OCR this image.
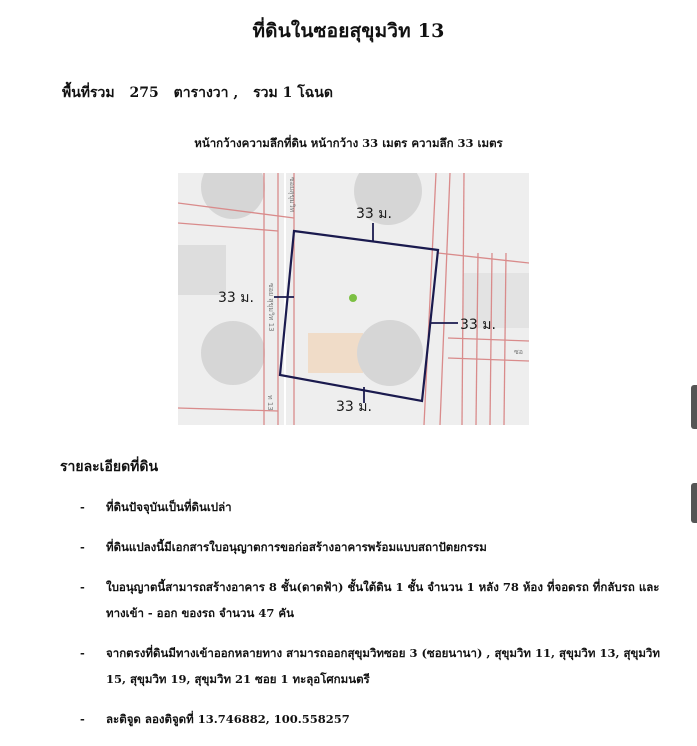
ที่ดินในซอยสุขุมวิท 13
พื้นที่รวม 275 ตารางวา , รวม 1 โฉนด
หน้ากว้างความลึกที่ดิน หน้ากว้าง 33 เมตร ความลึก 33 เมตร
33 ม.
33 ม.
33 ม.
33 ม.
ซอยสุขุมวิท
ซอย สุขุมวิท 13
ท 13
ซอ
รายละเอียดที่ดิน
- ที่ดินปัจจุบันเป็นที่ดินเปล่า
- ที่ดินแปลงนี้มีเอกสารใบอนุญาตการขอก่อสร้างอาคารพร้อมแบบสถาปัตยกรรม
- ใบอนุญาตนี้สามารถสร้างอาคาร 8 ชั้น(ดาดฟ้า) ชั้นใต้ดิน 1 ชั้น จำนวน 1 หลัง 78 ห้อง ที่จอดรถ ที่กลับรถ และทางเข้า - ออก ของรถ จำนวน 47 คัน
- จากตรงที่ดินมีทางเข้าออกหลายทาง สามารถออกสุขุมวิทซอย 3 (ซอยนานา) , สุขุมวิท 11, สุขุมวิท 13, สุขุมวิท 15, สุขุมวิท 19, สุขุมวิท 21 ซอย 1 ทะลุอโศกมนตรี
- ละติจูด ลองติจูดที่ 13.746882, 100.558257
